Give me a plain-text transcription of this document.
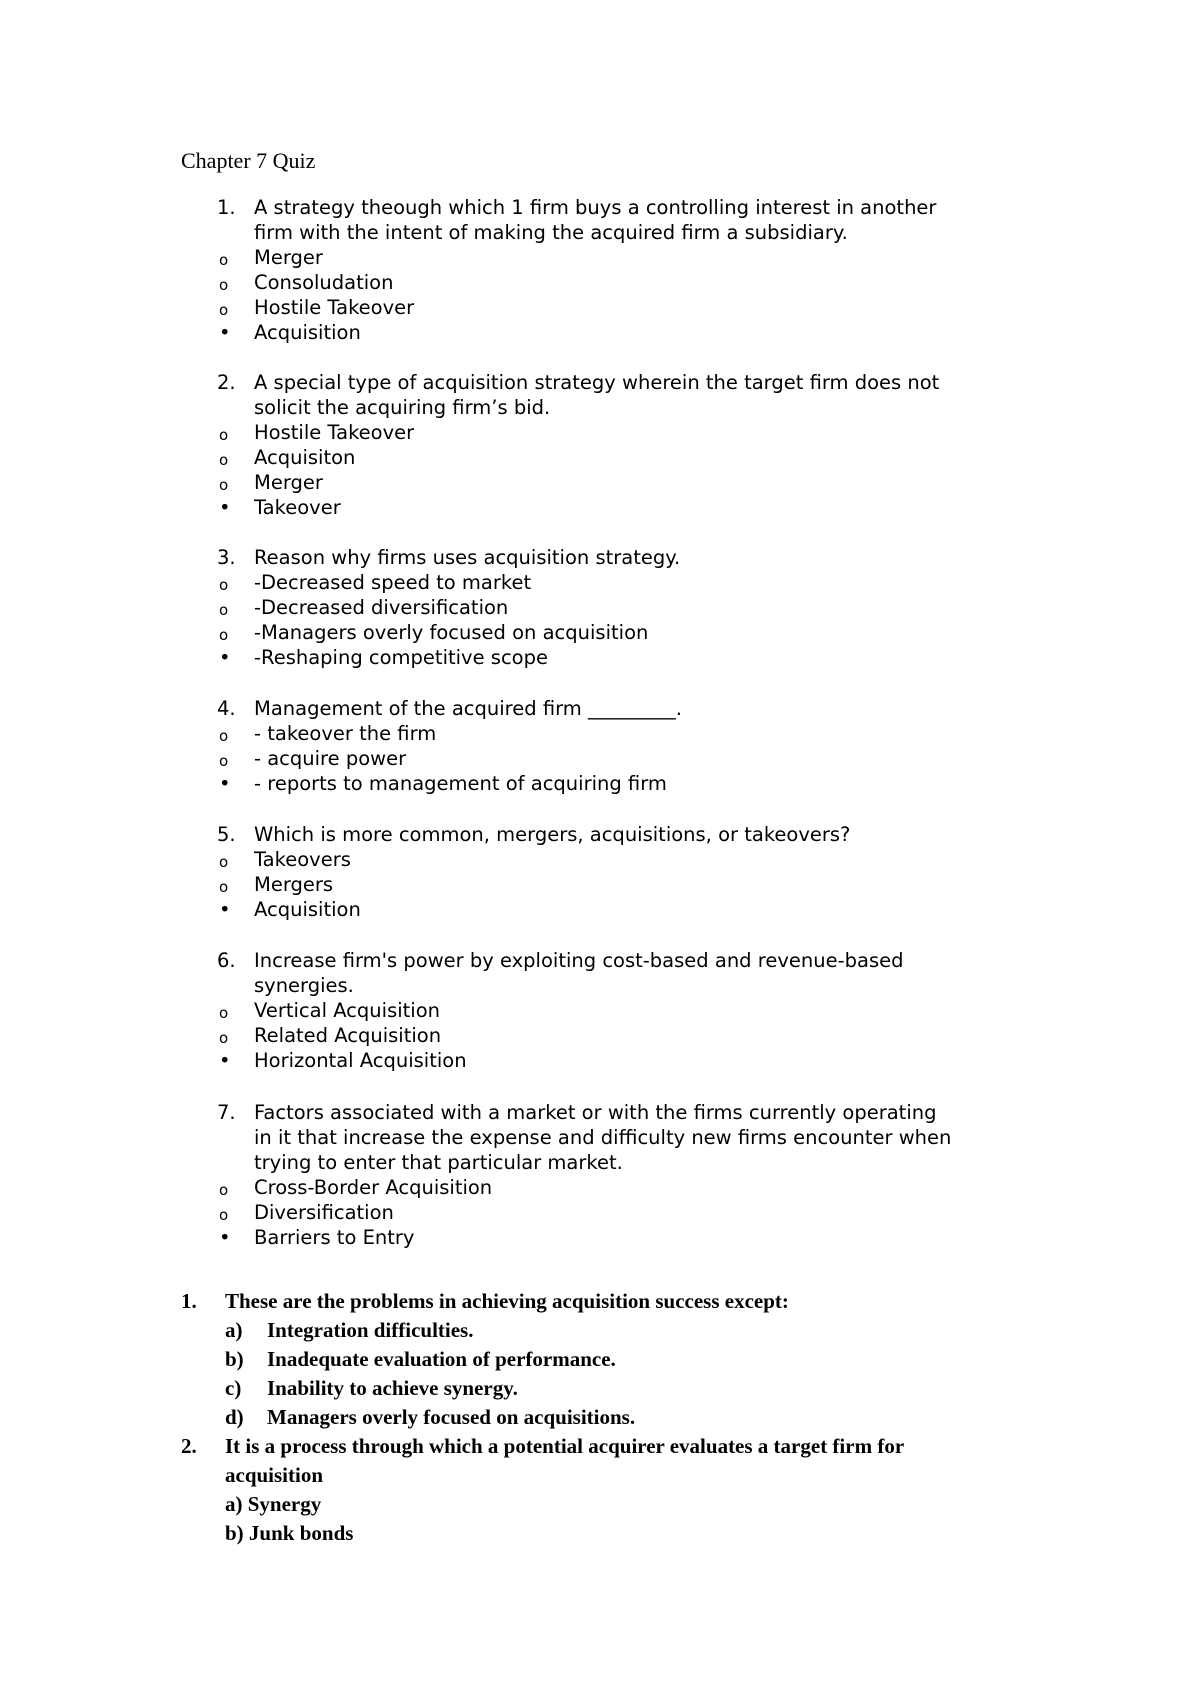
Chapter 7 Quiz
1. A strategy theough which 1 firm buys a controlling interest in another
firm with the intent of making the acquired firm a subsidiary.
o Merger
o Consoludation
o Hostile Takeover
• Acquisition
2. A special type of acquisition strategy wherein the target firm does not
solicit the acquiring firm’s bid.
o Hostile Takeover
o Acquisiton
o Merger
• Takeover
3. Reason why firms uses acquisition strategy.
o -Decreased speed to market
o -Decreased diversification
o -Managers overly focused on acquisition
• -Reshaping competitive scope
4. Management of the acquired firm _________.
o - takeover the firm
o - acquire power
• - reports to management of acquiring firm
5. Which is more common, mergers, acquisitions, or takeovers?
o Takeovers
o Mergers
• Acquisition
6. Increase firm's power by exploiting cost-based and revenue-based
synergies.
o Vertical Acquisition
o Related Acquisition
• Horizontal Acquisition
7. Factors associated with a market or with the firms currently operating
in it that increase the expense and difficulty new firms encounter when
trying to enter that particular market.
o Cross-Border Acquisition
o Diversification
• Barriers to Entry
1. These are the problems in achieving acquisition success except:
a) Integration difficulties.
b) Inadequate evaluation of performance.
c) Inability to achieve synergy.
d) Managers overly focused on acquisitions.
2. It is a process through which a potential acquirer evaluates a target firm for
acquisition
a) Synergy
b) Junk bonds
